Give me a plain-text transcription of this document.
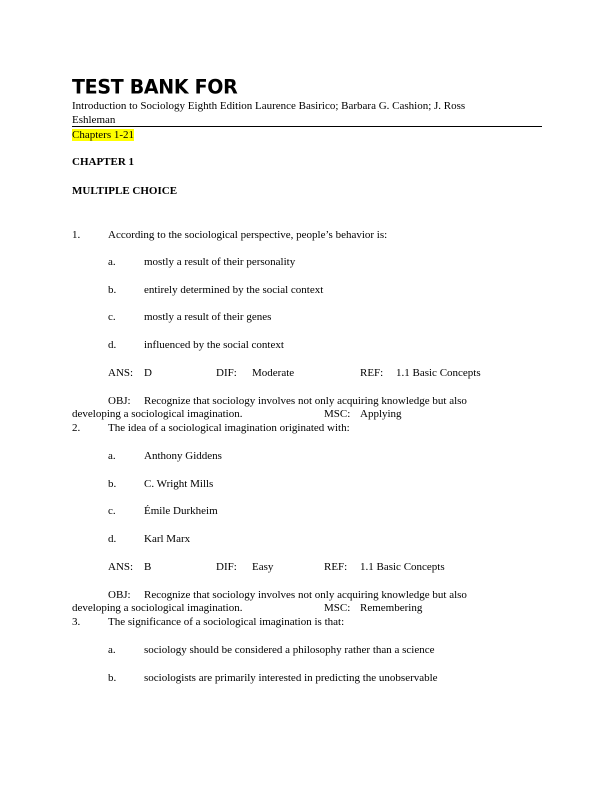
TEST BANK FOR
Introduction to Sociology Eighth Edition Laurence Basirico; Barbara G. Cashion; J. Ross
Eshleman
Chapters 1-21
CHAPTER 1
MULTIPLE CHOICE
1.	According to the sociological perspective, people’s behavior is:
a.	mostly a result of their personality
b.	entirely determined by the social context
c.	mostly a result of their genes
d.	influenced by the social context
ANS: D	DIF: Moderate	REF: 1.1 Basic Concepts
OBJ: Recognize that sociology involves not only acquiring knowledge but also
developing a sociological imagination.	MSC: Applying
2.	The idea of a sociological imagination originated with:
a.	Anthony Giddens
b.	C. Wright Mills
c.	Émile Durkheim
d.	Karl Marx
ANS: B	DIF: Easy	REF: 1.1 Basic Concepts
OBJ: Recognize that sociology involves not only acquiring knowledge but also
developing a sociological imagination.	MSC: Remembering
3.	The significance of a sociological imagination is that:
a.	sociology should be considered a philosophy rather than a science
b.	sociologists are primarily interested in predicting the unobservable
